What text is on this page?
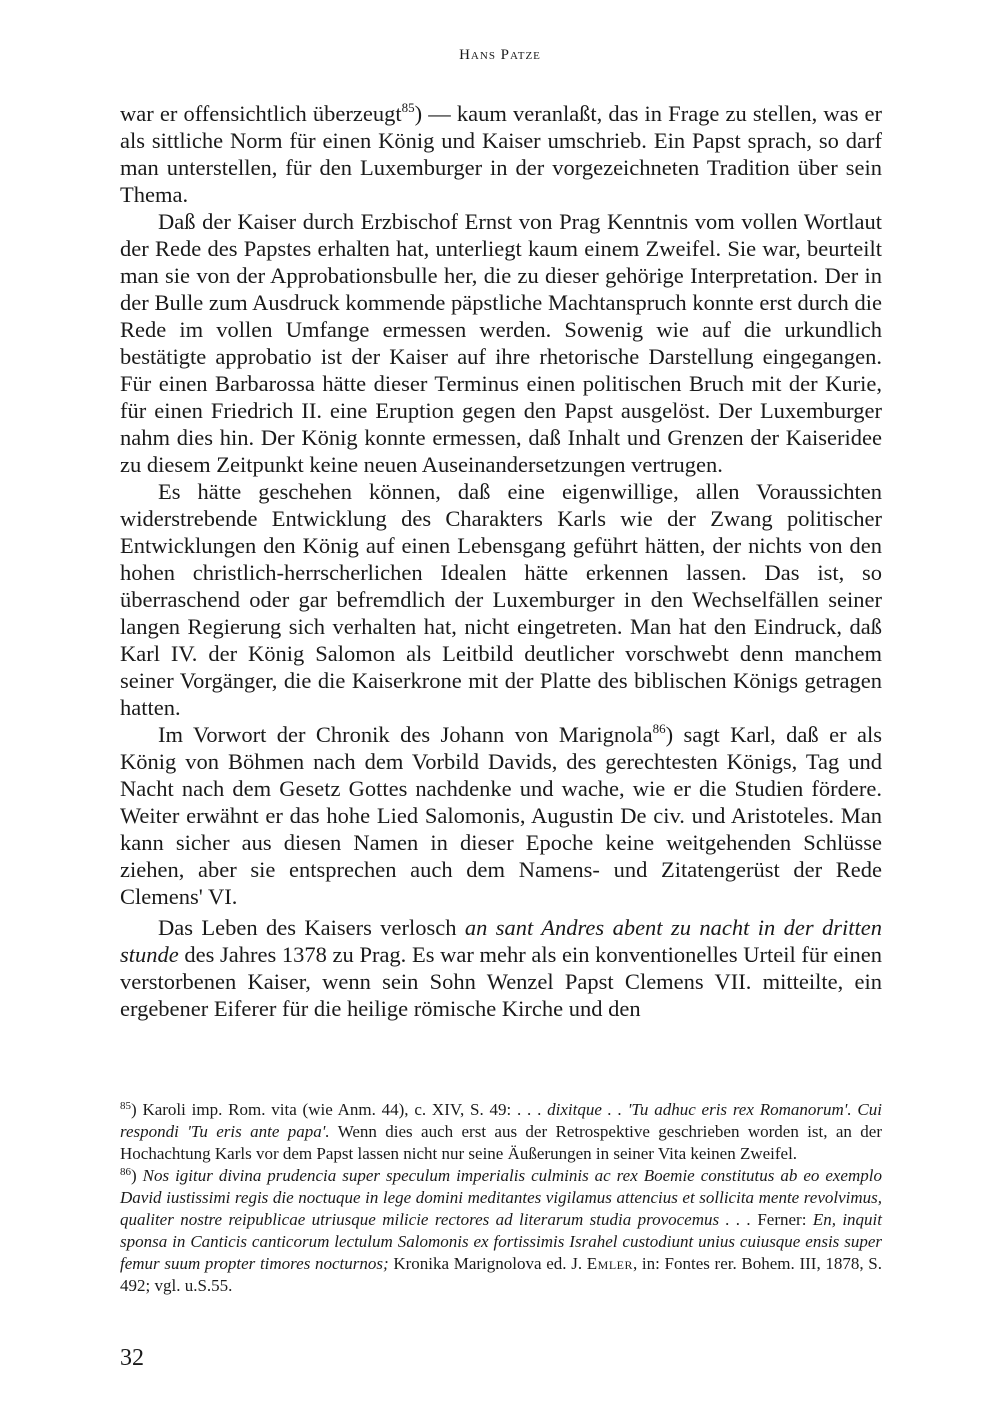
Hans Patze

war er offensichtlich überzeugt$^{85}$) — kaum veranlaßt, das in Frage zu stellen, was er als sittliche Norm für einen König und Kaiser umschrieb. Ein Papst sprach, so darf man unterstellen, für den Luxemburger in der vorgezeichneten Tradition über sein Thema.

Daß der Kaiser durch Erzbischof Ernst von Prag Kenntnis vom vollen Wortlaut der Rede des Papstes erhalten hat, unterliegt kaum einem Zweifel. Sie war, beurteilt man sie von der Approbationsbulle her, die zu dieser gehörige Interpretation. Der in der Bulle zum Ausdruck kommende päpstliche Machtanspruch konnte erst durch die Rede im vollen Umfange ermessen werden. Sowenig wie auf die urkundlich bestätigte approbatio ist der Kaiser auf ihre rhetorische Darstellung eingegangen. Für einen Barbarossa hätte dieser Terminus einen politischen Bruch mit der Kurie, für einen Friedrich II. eine Eruption gegen den Papst ausgelöst. Der Luxemburger nahm dies hin. Der König konnte ermessen, daß Inhalt und Grenzen der Kaiseridee zu diesem Zeitpunkt keine neuen Auseinandersetzungen vertrugen.

Es hätte geschehen können, daß eine eigenwillige, allen Voraussichten widerstrebende Entwicklung des Charakters Karls wie der Zwang politischer Entwicklungen den König auf einen Lebensgang geführt hätten, der nichts von den hohen christlich-herrscherlichen Idealen hätte erkennen lassen. Das ist, so überraschend oder gar befremdlich der Luxemburger in den Wechselfällen seiner langen Regierung sich verhalten hat, nicht eingetreten. Man hat den Eindruck, daß Karl IV. der König Salomon als Leitbild deutlicher vorschwebt denn manchem seiner Vorgänger, die die Kaiserkrone mit der Platte des biblischen Königs getragen hatten.

Im Vorwort der Chronik des Johann von Marignola$^{86}$) sagt Karl, daß er als König von Böhmen nach dem Vorbild Davids, des gerechtesten Königs, Tag und Nacht nach dem Gesetz Gottes nachdenke und wache, wie er die Studien fördere. Weiter erwähnt er das hohe Lied Salomonis, Augustin De civ. und Aristoteles. Man kann sicher aus diesen Namen in dieser Epoche keine weitgehenden Schlüsse ziehen, aber sie entsprechen auch dem Namens- und Zitatengerüst der Rede Clemens' VI.

Das Leben des Kaisers verlosch an sant Andres abent zu nacht in der dritten stunde des Jahres 1378 zu Prag. Es war mehr als ein konventionelles Urteil für einen verstorbenen Kaiser, wenn sein Sohn Wenzel Papst Clemens VII. mitteilte, ein ergebener Eiferer für die heilige römische Kirche und den

$^{85}$) Karoli imp. Rom. vita (wie Anm. 44), c. XIV, S. 49: . . . dixitque . . 'Tu adhuc eris rex Romanorum'. Cui respondi 'Tu eris ante papa'. Wenn dies auch erst aus der Retrospektive geschrieben worden ist, an der Hochachtung Karls vor dem Papst lassen nicht nur seine Äußerungen in seiner Vita keinen Zweifel.

$^{86}$) Nos igitur divina prudencia super speculum imperialis culminis ac rex Boemie constitutus ab eo exemplo David iustissimi regis die noctuque in lege domini meditantes vigilamus attencius et sollicita mente revolvimus, qualiter nostre reipublicae utriusque milicie rectores ad literarum studia provocemus . . . Ferner: En, inquit sponsa in Canticis canticorum lectulum Salomonis ex fortissimis Israhel custodiunt unius cuiusque ensis super femur suum propter timores nocturnos; Kronika Marignolova ed. J. Emler, in: Fontes rer. Bohem. III, 1878, S. 492; vgl. u.S.55.

32
